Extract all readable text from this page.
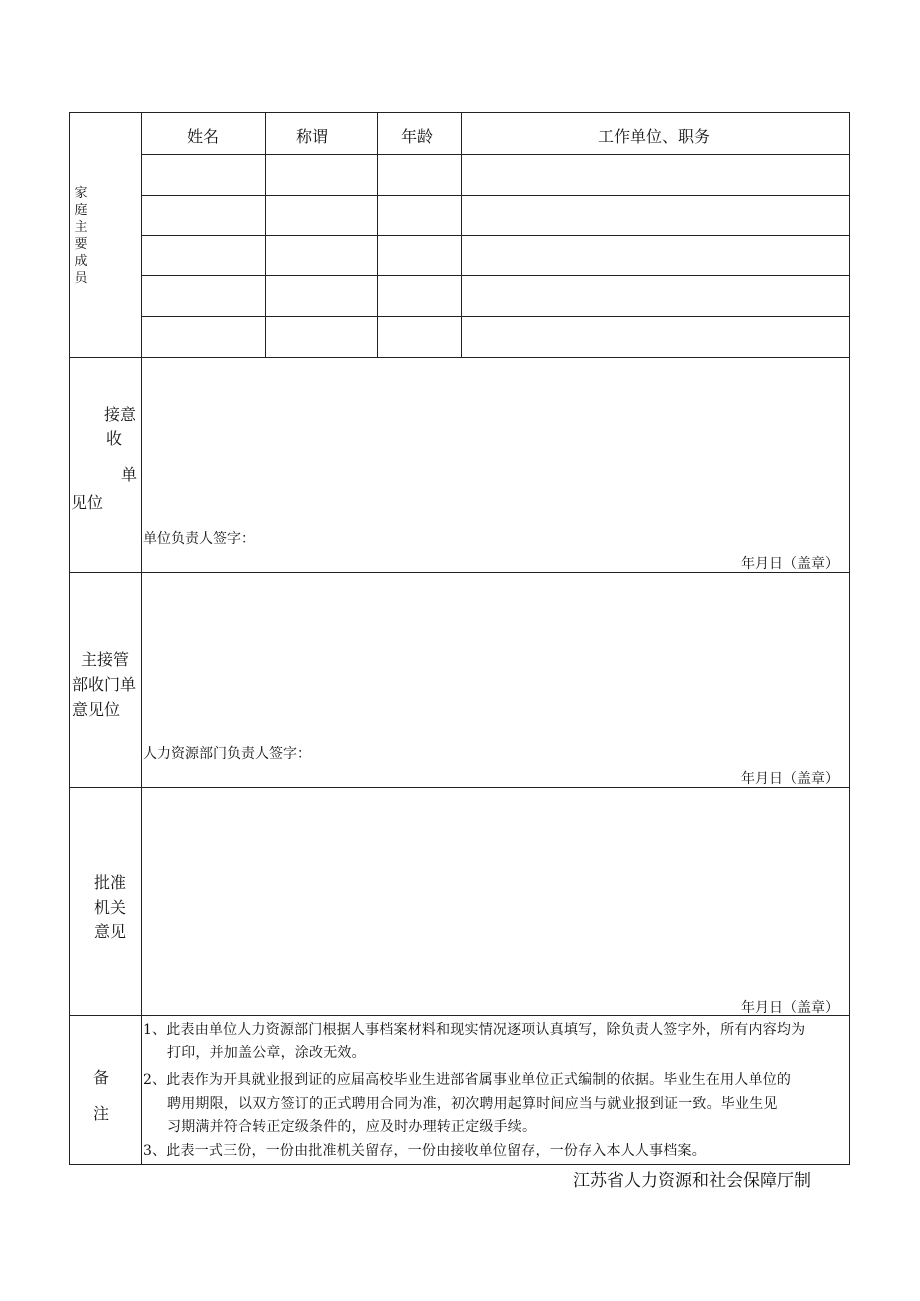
家庭主要成员
姓名	称谓	年龄	工作单位、职务
接意
收
单
见位
单位负责人签字：
年月日（盖章）
主接管
部收门单
意见位
人力资源部门负责人签字：
年月日（盖章）
批准
机关
意见
年月日（盖章）
备
注
1、此表由单位人力资源部门根据人事档案材料和现实情况逐项认真填写，除负责人签字外，所有内容均为
打印，并加盖公章，涂改无效。
2、此表作为开具就业报到证的应届高校毕业生进部省属事业单位正式编制的依据。毕业生在用人单位的
聘用期限，以双方签订的正式聘用合同为准，初次聘用起算时间应当与就业报到证一致。毕业生见
习期满并符合转正定级条件的，应及时办理转正定级手续。
3、此表一式三份，一份由批准机关留存，一份由接收单位留存，一份存入本人人事档案。
江苏省人力资源和社会保障厅制
